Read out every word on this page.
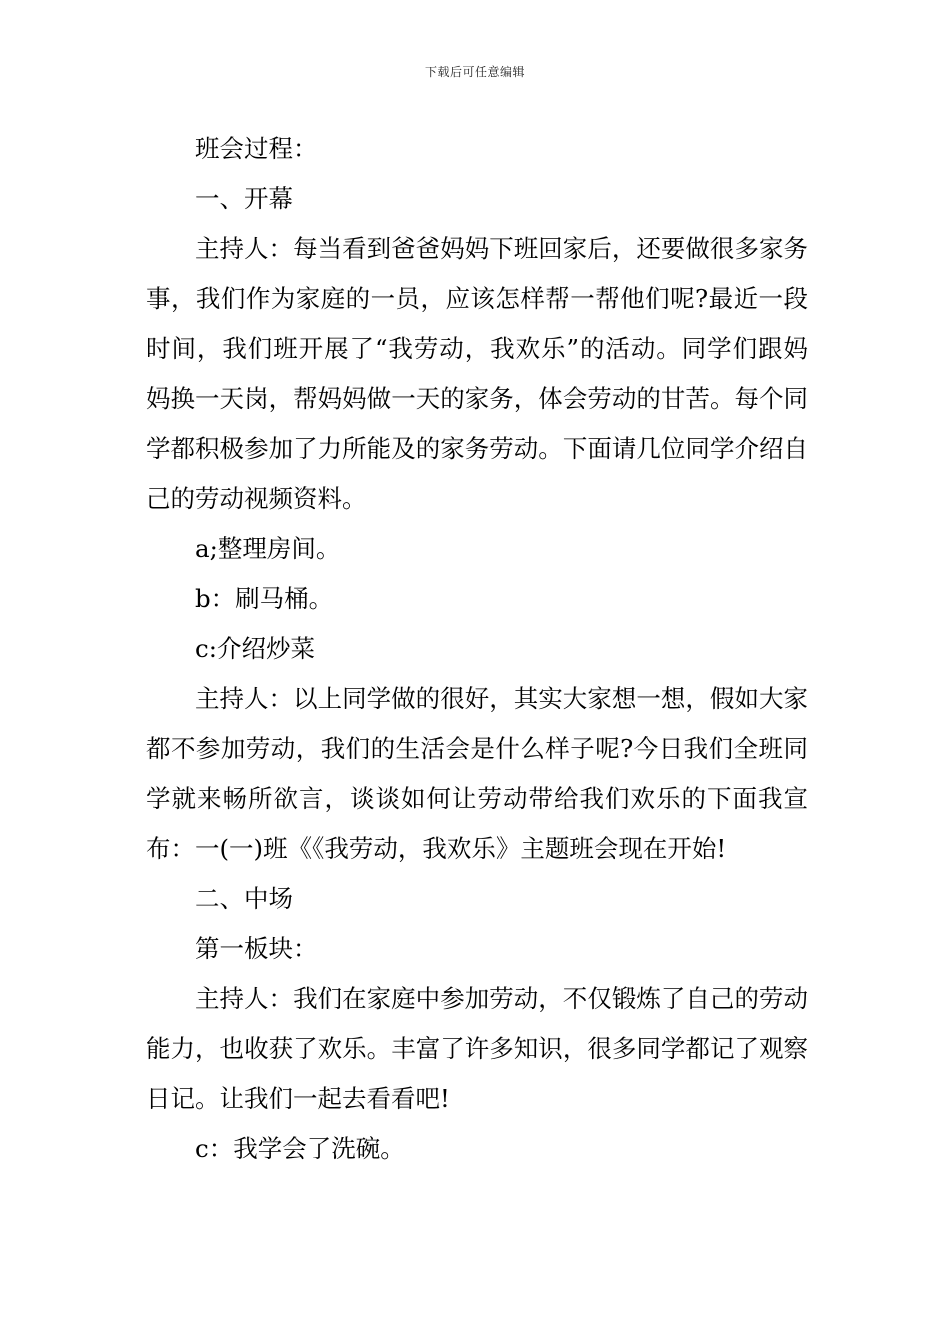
下载后可任意编辑

班会过程：

一、开幕

主持人：每当看到爸爸妈妈下班回家后，还要做很多家务事，我们作为家庭的一员，应该怎样帮一帮他们呢?最近一段时间，我们班开展了“我劳动，我欢乐”的活动。同学们跟妈妈换一天岗，帮妈妈做一天的家务，体会劳动的甘苦。每个同学都积极参加了力所能及的家务劳动。下面请几位同学介绍自己的劳动视频资料。

a;整理房间。

b：刷马桶。

c:介绍炒菜

主持人：以上同学做的很好，其实大家想一想，假如大家都不参加劳动，我们的生活会是什么样子呢?今日我们全班同学就来畅所欲言，谈谈如何让劳动带给我们欢乐的下面我宣布：一(一)班《《我劳动，我欢乐》主题班会现在开始!

二、中场

第一板块：

主持人：我们在家庭中参加劳动，不仅锻炼了自己的劳动能力，也收获了欢乐。丰富了许多知识，很多同学都记了观察日记。让我们一起去看看吧!

c：我学会了洗碗。
